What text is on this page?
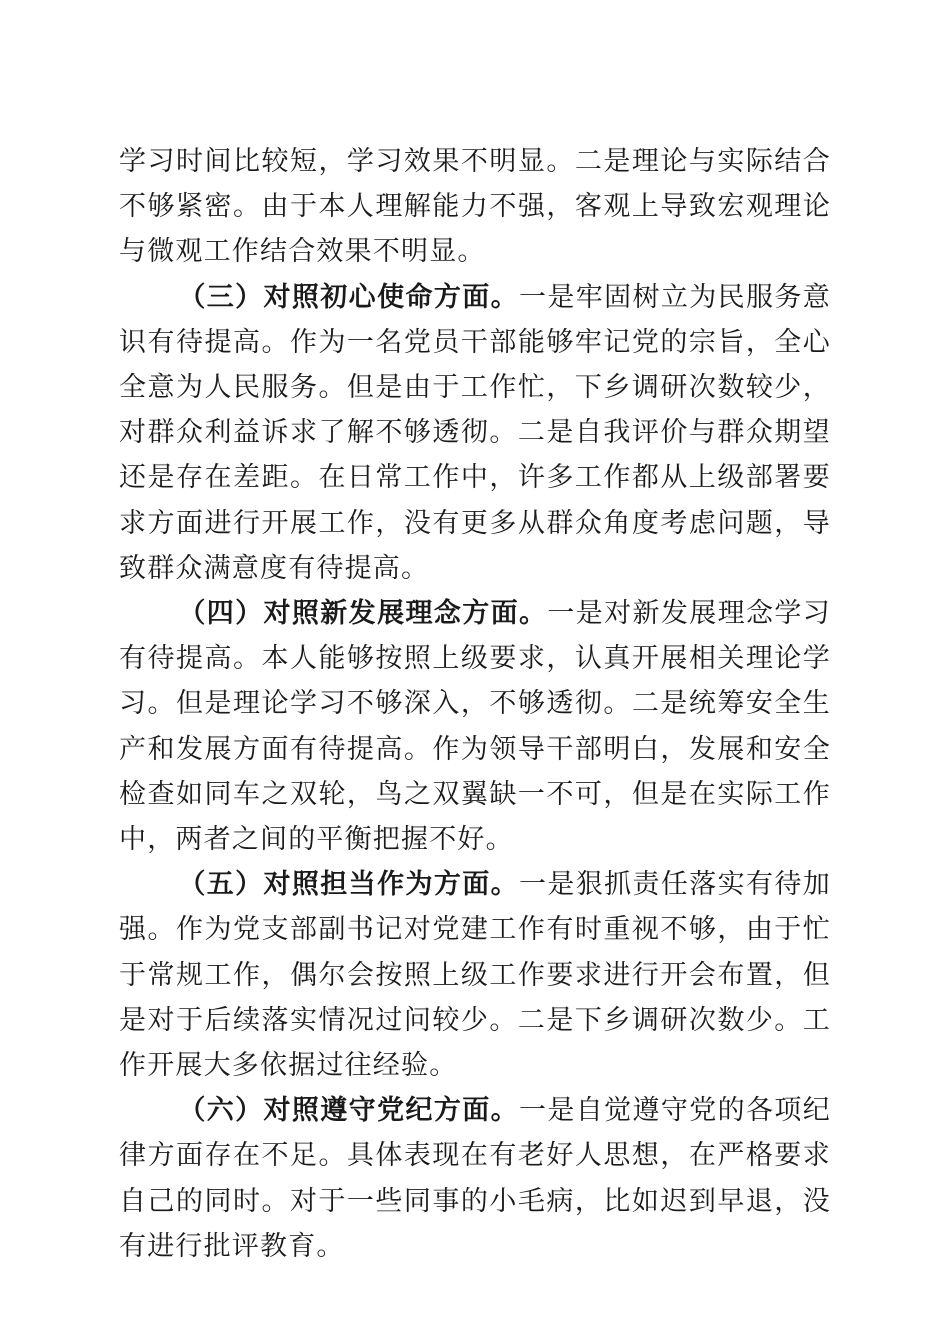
学习时间比较短，学习效果不明显。二是理论与实际结合不够紧密。由于本人理解能力不强，客观上导致宏观理论与微观工作结合效果不明显。

（三）对照初心使命方面。一是牢固树立为民服务意识有待提高。作为一名党员干部能够牢记党的宗旨，全心全意为人民服务。但是由于工作忙，下乡调研次数较少，对群众利益诉求了解不够透彻。二是自我评价与群众期望还是存在差距。在日常工作中，许多工作都从上级部署要求方面进行开展工作，没有更多从群众角度考虑问题，导致群众满意度有待提高。

（四）对照新发展理念方面。一是对新发展理念学习有待提高。本人能够按照上级要求，认真开展相关理论学习。但是理论学习不够深入，不够透彻。二是统筹安全生产和发展方面有待提高。作为领导干部明白，发展和安全检查如同车之双轮，鸟之双翼缺一不可，但是在实际工作中，两者之间的平衡把握不好。

（五）对照担当作为方面。一是狠抓责任落实有待加强。作为党支部副书记对党建工作有时重视不够，由于忙于常规工作，偶尔会按照上级工作要求进行开会布置，但是对于后续落实情况过问较少。二是下乡调研次数少。工作开展大多依据过往经验。

（六）对照遵守党纪方面。一是自觉遵守党的各项纪律方面存在不足。具体表现在有老好人思想，在严格要求自己的同时。对于一些同事的小毛病，比如迟到早退，没有进行批评教育。
